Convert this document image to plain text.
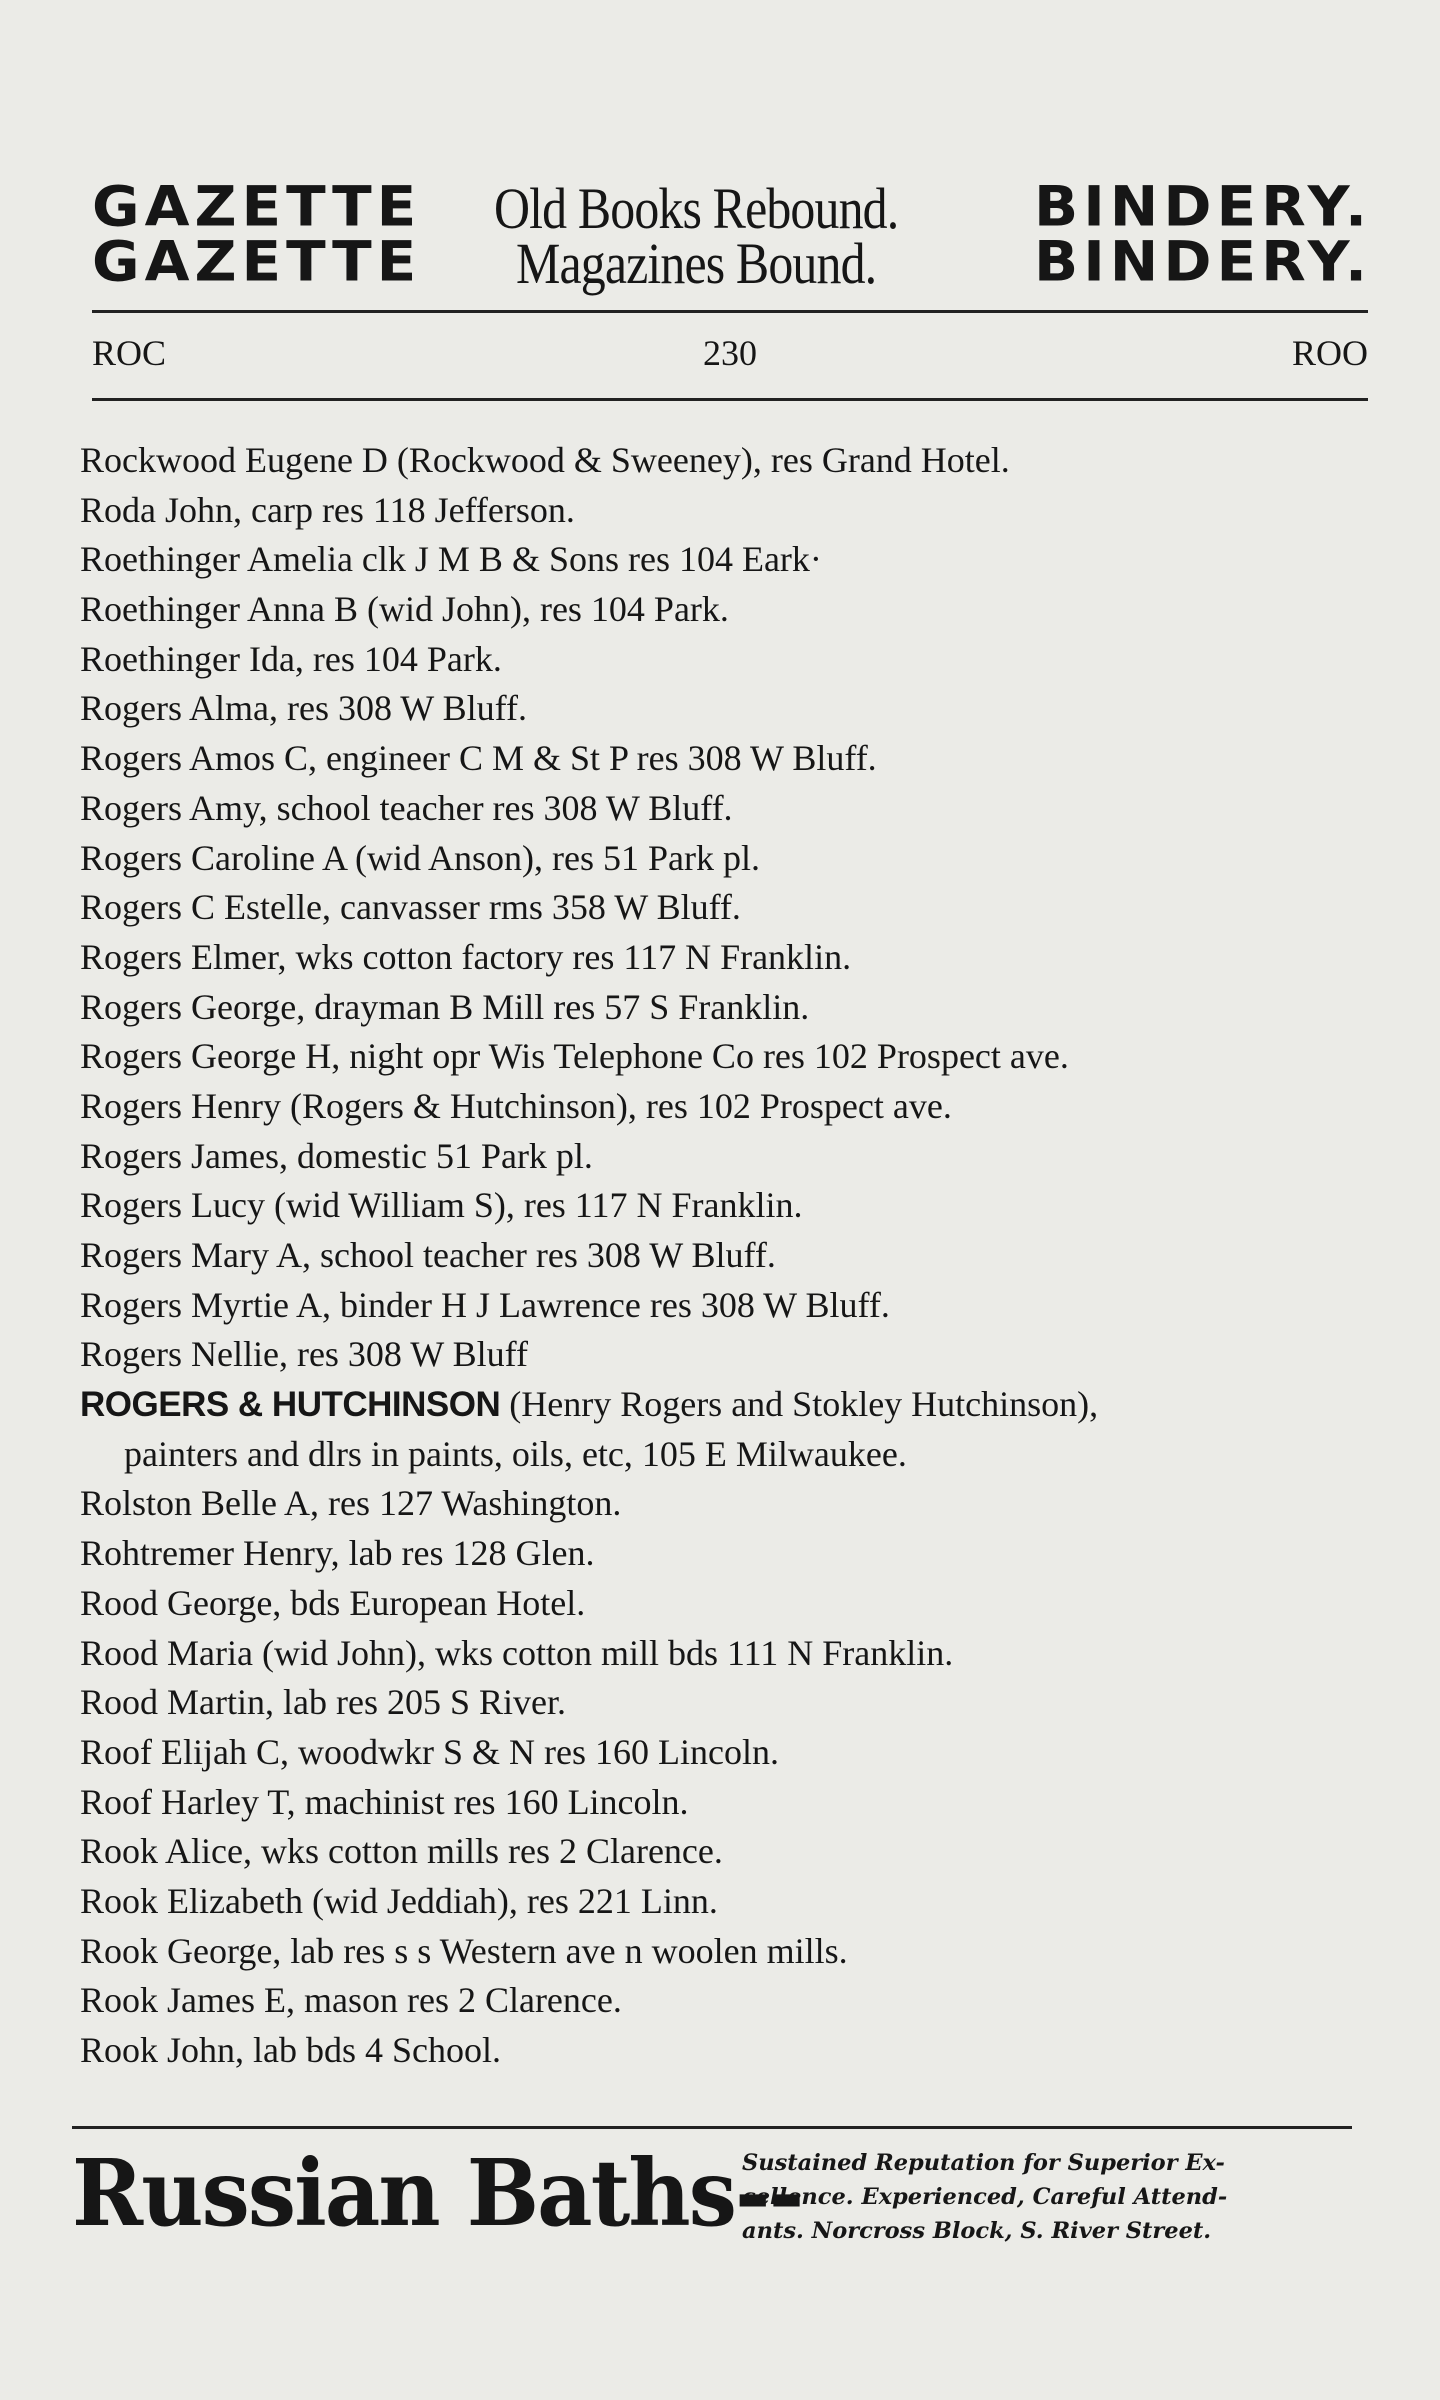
GAZETTE Old Books Rebound. BINDERY.
GAZETTE Magazines Bound.	BINDERY.
ROC	230	ROO
Rockwood Eugene D (Rockwood & Sweeney), res Grand Hotel.
Roda John, carp res 118 Jefferson.
Roethinger Amelia clk J M B & Sons res 104 Eark·
Roethinger Anna B (wid John), res 104 Park.
Roethinger Ida, res 104 Park.
Rogers Alma, res 308 W Bluff.
Rogers Amos C, engineer C M & St P res 308 W Bluff.
Rogers Amy, school teacher res 308 W Bluff.
Rogers Caroline A (wid Anson), res 51 Park pl.
Rogers C Estelle, canvasser rms 358 W Bluff.
Rogers Elmer, wks cotton factory res 117 N Franklin.
Rogers George, drayman B Mill res 57 S Franklin.
Rogers George H, night opr Wis Telephone Co res 102 Prospect ave.
Rogers Henry (Rogers & Hutchinson), res 102 Prospect ave.
Rogers James, domestic 51 Park pl.
Rogers Lucy (wid William S), res 117 N Franklin.
Rogers Mary A, school teacher res 308 W Bluff.
Rogers Myrtie A, binder H J Lawrence res 308 W Bluff.
Rogers Nellie, res 308 W Bluff
ROGERS & HUTCHINSON (Henry Rogers and Stokley Hutchinson),
painters and dlrs in paints, oils, etc, 105 E Milwaukee.
Rolston Belle A, res 127 Washington.
Rohtremer Henry, lab res 128 Glen.
Rood George, bds European Hotel.
Rood Maria (wid John), wks cotton mill bds 111 N Franklin.
Rood Martin, lab res 205 S River.
Roof Elijah C, woodwkr S & N res 160 Lincoln.
Roof Harley T, machinist res 160 Lincoln.
Rook Alice, wks cotton mills res 2 Clarence.
Rook Elizabeth (wid Jeddiah), res 221 Linn.
Rook George, lab res s s Western ave n woolen mills.
Rook James E, mason res 2 Clarence.
Rook John, lab bds 4 School.
Russian Baths--
Sustained Reputation for Superior Ex-
cellence. Experienced, Careful Attend-
ants. Norcross Block, S. River Street.
